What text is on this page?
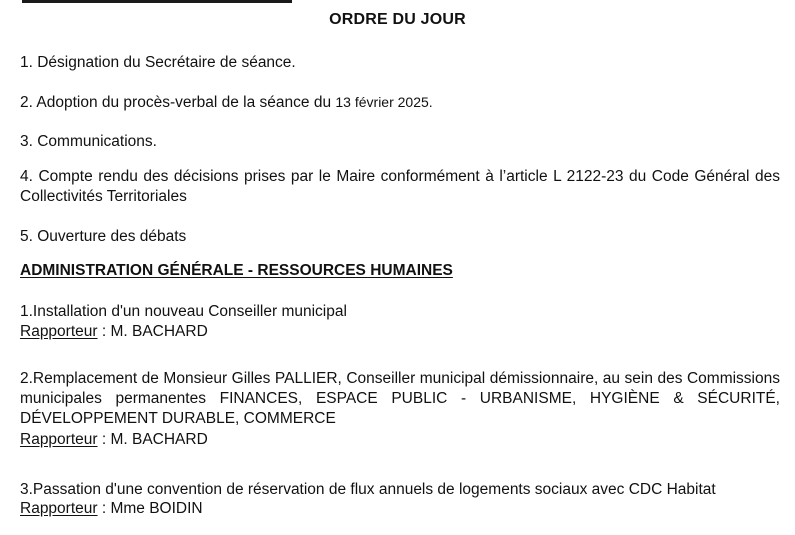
ORDRE DU JOUR
1. Désignation du Secrétaire de séance.
2. Adoption du procès-verbal de la séance du 13 février 2025.
3. Communications.
4. Compte rendu des décisions prises par le Maire conformément à l’article L 2122-23 du Code Général des Collectivités Territoriales
5. Ouverture des débats
ADMINISTRATION GÉNÉRALE - RESSOURCES HUMAINES
1.Installation d'un nouveau Conseiller municipal
Rapporteur : M. BACHARD
2.Remplacement de Monsieur Gilles PALLIER, Conseiller municipal démissionnaire, au sein des Commissions municipales permanentes FINANCES, ESPACE PUBLIC - URBANISME, HYGIÈNE & SÉCURITÉ, DÉVELOPPEMENT DURABLE, COMMERCE
Rapporteur : M. BACHARD
3.Passation d'une convention de réservation de flux annuels de logements sociaux avec CDC Habitat
Rapporteur : Mme BOIDIN
